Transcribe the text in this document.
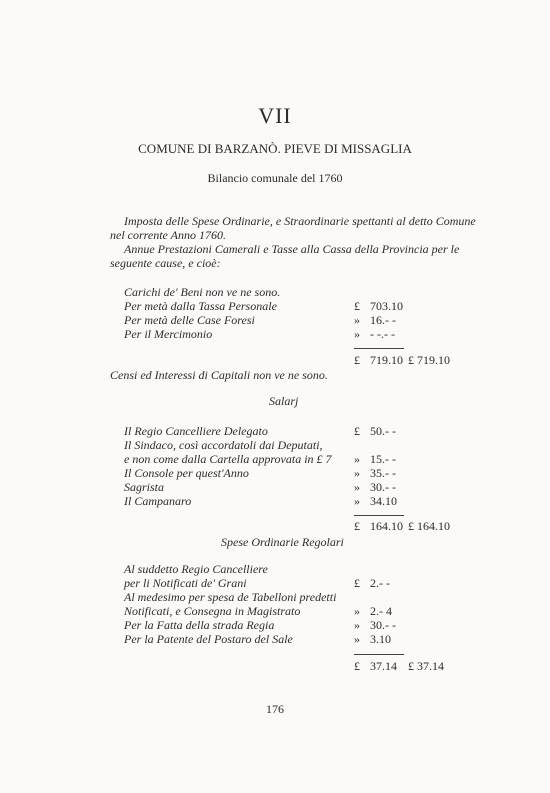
VII
COMUNE DI BARZANÒ. PIEVE DI MISSAGLIA
Bilancio comunale del 1760
Imposta delle Spese Ordinarie, e Straordinarie spettanti al detto Comune
nel corrente Anno 1760.
Annue Prestazioni Camerali e Tasse alla Cassa della Provincia per le
seguente cause, e cioè:
Carichi de' Beni non ve ne sono.
Per metà dalla Tassa Personale	£ 703.10
Per metà delle Case Foresi	» 16.- -
Per il Mercimonio	» - -.- -
£ 719.10 £ 719.10
Censi ed Interessi di Capitali non ve ne sono.
Salarj
Il Regio Cancelliere Delegato	£ 50.- -
Il Sindaco, così accordatoli dai Deputati,
e non come dalla Cartella approvata in £ 7 » 15.- -
Il Console per quest'Anno	» 35.- -
Sagrista	» 30.- -
Il Campanaro	» 34.10
£ 164.10 £ 164.10
Spese Ordinarie Regolari
Al suddetto Regio Cancelliere
per li Notificati de' Grani	£ 2.- -
Al medesimo per spesa de Tabelloni predetti
Notificati, e Consegna in Magistrato	» 2.- 4
Per la Fatta della strada Regia	» 30.- -
Per la Patente del Postaro del Sale	» 3.10
£ 37.14 £ 37.14
176
